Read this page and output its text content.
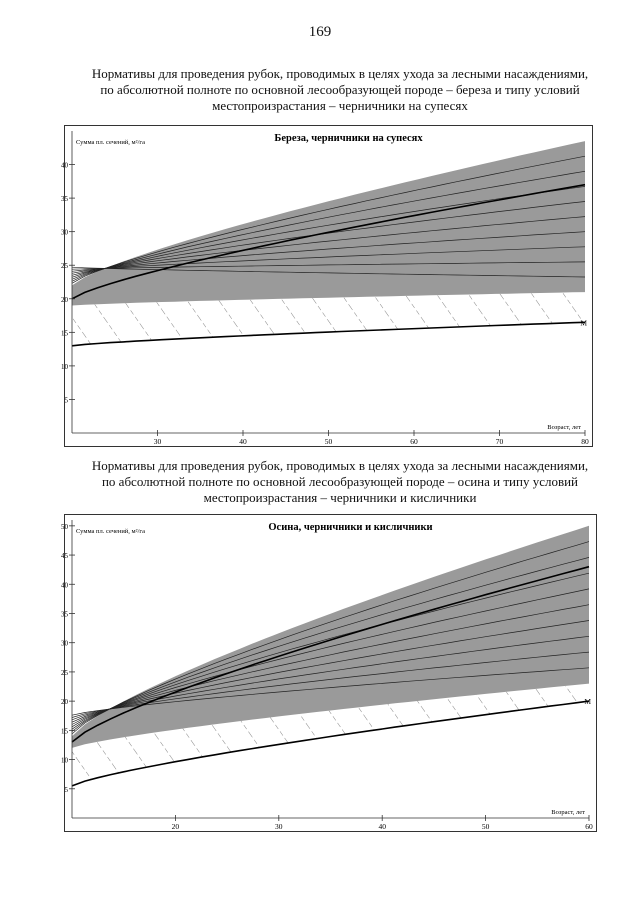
169
Нормативы для проведения рубок, проводимых в целях ухода за лесными насаждениями,
по абсолютной полноте по основной лесообразующей породе – береза и типу условий
местопроизрастания – черничники на супесях
5
10
15
20
25
30
35
40
30	40	50	60	70	80
Береза, черничники на супесях
Сумма пл. сечений, м²/га
Возраст, лет
M
Нормативы для проведения рубок, проводимых в целях ухода за лесными насаждениями,
по абсолютной полноте по основной лесообразующей породе – осина и типу условий
местопроизрастания – черничники и кисличники
5
10
15
20
25
30
35
40
45
50
20	30	40	50	60
Осина, черничники и кисличники
Сумма пл. сечений, м²/га
Возраст, лет
M
